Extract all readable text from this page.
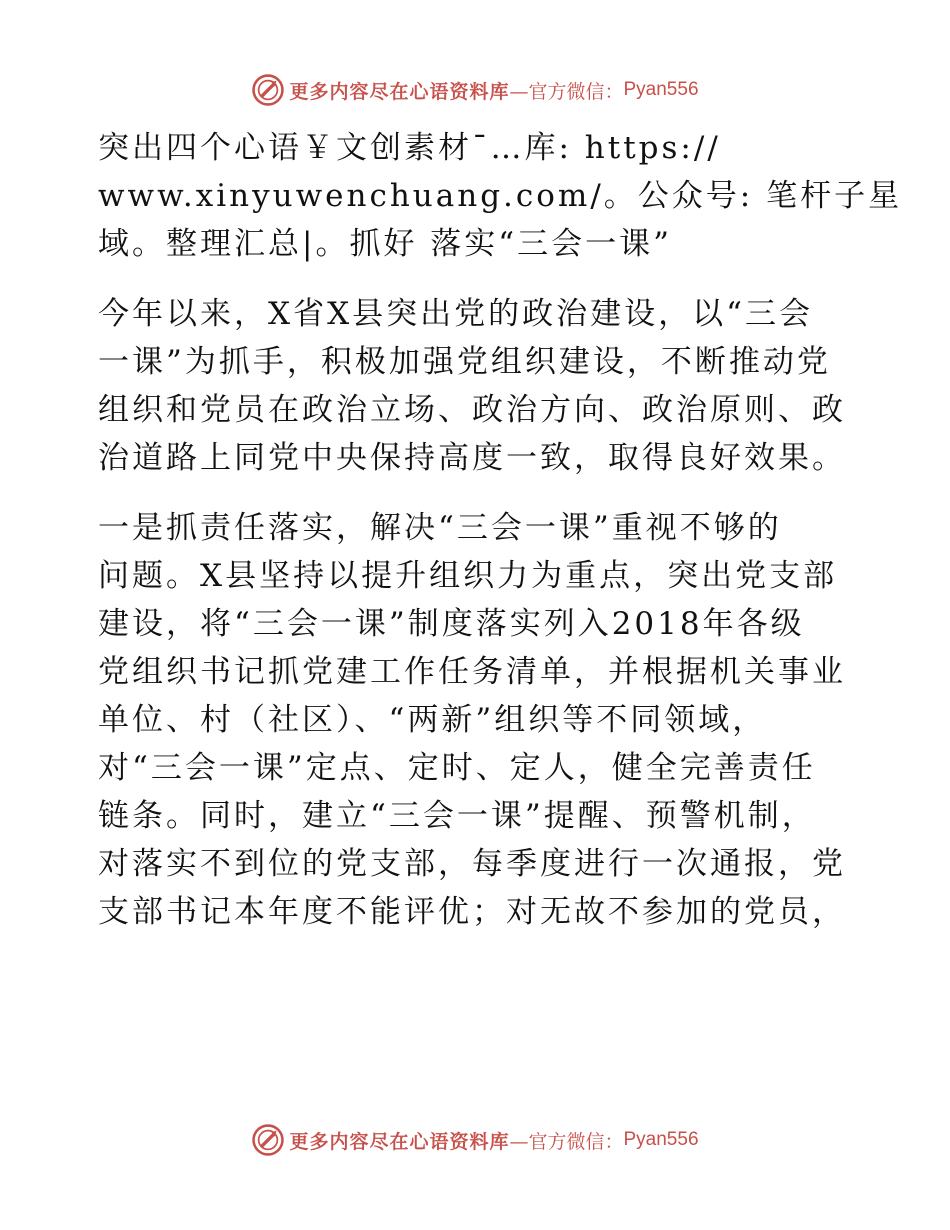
更多内容尽在心语资料库 —官方微信： Pyan556

突出四个心语￥文创素材¯…库: https://
www.xinyuwenchuang.com/。公众号: 笔杆子星
域。整理汇总|。抓好 落实“三会一课”

今年以来，X省X县突出党的政治建设，以“三会
一课”为抓手，积极加强党组织建设，不断推动党
组织和党员在政治立场、政治方向、政治原则、政
治道路上同党中央保持高度一致，取得良好效果。

一是抓责任落实，解决“三会一课”重视不够的
问题。X县坚持以提升组织力为重点，突出党支部
建设，将“三会一课”制度落实列入2018年各级
党组织书记抓党建工作任务清单，并根据机关事业
单位、村（社区）、“两新”组织等不同领域，
对“三会一课”定点、定时、定人，健全完善责任
链条。同时，建立“三会一课”提醒、预警机制，
对落实不到位的党支部，每季度进行一次通报，党
支部书记本年度不能评优；对无故不参加的党员，

更多内容尽在心语资料库 —官方微信： Pyan556
